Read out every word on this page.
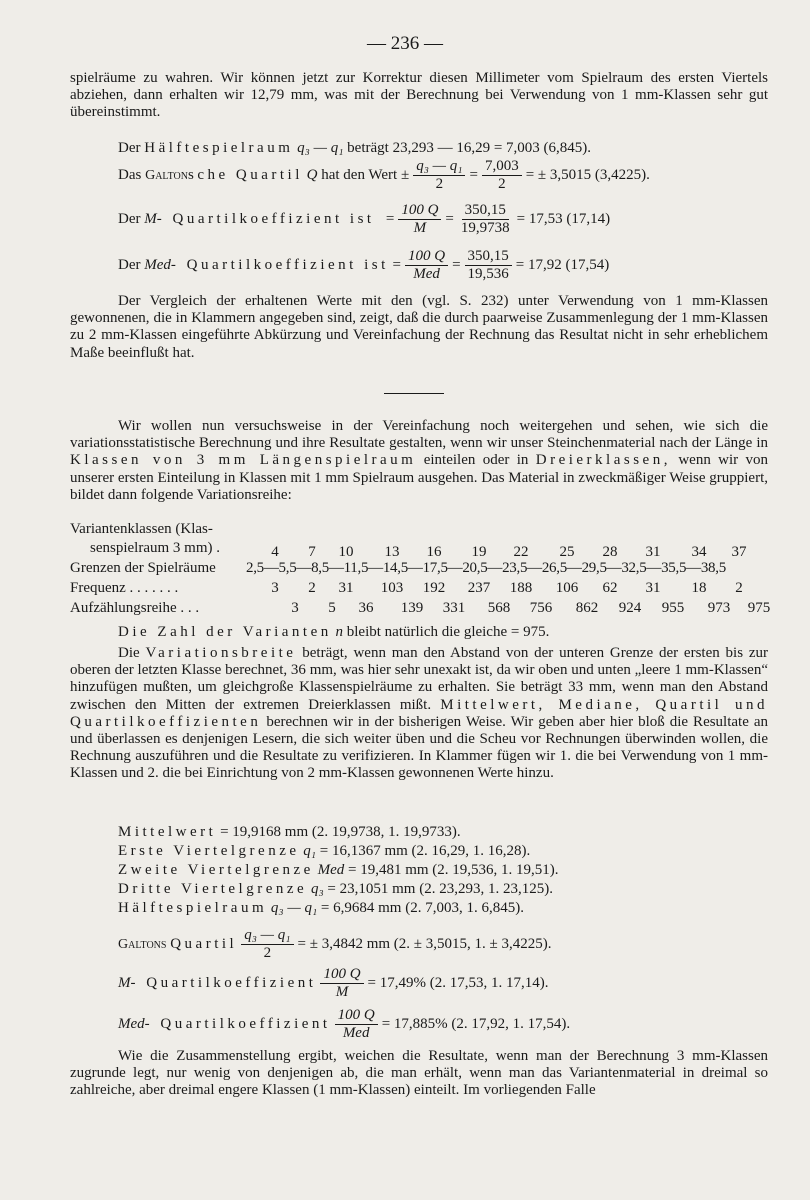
— 236 —

spielräume zu wahren. Wir können jetzt zur Korrektur diesen Millimeter vom Spielraum des ersten Viertels abziehen, dann erhalten wir 12,79 mm, was mit der Berechnung bei Verwendung von 1 mm-Klassen sehr gut übereinstimmt.

Der Hälftespielraum q₃ — q₁ beträgt 23,293 — 16,29 = 7,003 (6,845).
Das
Galton sche Quartil
Q
hat den Wert ± $\frac{\text{q₃ — q₁}}{2} = \frac{7,003}{2}$ = ± 3,5015 (3,4225).
Der
M - Quartilkoeffizient ist
= $\frac{100 Q}{M} = \frac{350,15}{19,9738} = 17,53$ (17,14)
Der
Med - Quartilkoeffizient ist
= $\frac{100 Q}{\text{Med}} = \frac{350,15}{19,536} = 17,92$ (17,54)

Der Vergleich der erhaltenen Werte mit den (vgl. S. 232) unter Verwendung von 1 mm-Klassen gewonnenen, die in Klammern angegeben sind, zeigt, daß die durch paarweise Zusammenlegung der 1 mm-Klassen zu 2 mm-Klassen eingeführte Abkürzung und Vereinfachung der Rechnung das Resultat nicht in sehr erheblichem Maße beeinflußt hat.

Wir wollen nun versuchsweise in der Vereinfachung noch weitergehen und sehen, wie sich die variationsstatistische Berechnung und ihre Resultate gestalten, wenn wir unser Steinchenmaterial nach der Länge in Klassen von 3 mm Längenspielraum einteilen oder in Dreierklassen, wenn wir von unserer ersten Einteilung in Klassen mit 1 mm Spielraum ausgehen. Das Material in zweckmäßiger Weise gruppiert, bildet dann folgende Variationsreihe:

Variantenklassen (Klas-
senspielraum 3 mm) .	4	7	10	13	16	19	22	25	28	31	34	37
Grenzen der Spielräume 2,5—5,5—8,5—11,5—14,5—17,5—20,5—23,5—26,5—29,5—32,5—35,5—38,5
Frequenz . . . . . . .	3	2	31	103 192 237 188 106	62	31	18	2
Aufzählungsreihe . . .	3	5	36	139 331 568 756 862 924 955 973 975
Die Zahl der Varianten n bleibt natürlich die gleiche = 975.

Die Variationsbreite beträgt, wenn man den Abstand von der unteren Grenze der ersten bis zur oberen der letzten Klasse berechnet, 36 mm, was hier sehr unexakt ist, da wir oben und unten „leere 1 mm-Klassen“ hinzufügen mußten, um gleichgroße Klassenspielräume zu erhalten. Sie beträgt 33 mm, wenn man den Abstand zwischen den Mitten der extremen Dreierklassen mißt. Mittelwert, Mediane, Quartil und Quartilkoeffizienten berechnen wir in der bisherigen Weise. Wir geben aber hier bloß die Resultate an und überlassen es denjenigen Lesern, die sich weiter üben und die Scheu vor Rechnungen überwinden wollen, die Rechnung auszuführen und die Resultate zu verifizieren. In Klammer fügen wir 1. die bei Verwendung von 1 mm-Klassen und 2. die bei Einrichtung von 2 mm-Klassen gewonnenen Werte hinzu.

Mittelwert = 19,9168 mm (2. 19,9738, 1. 19,9733).
Erste Viertelgrenze q₁ = 16,1367 mm (2. 16,29, 1. 16,28).
Zweite Viertelgrenze Med = 19,481 mm (2. 19,536, 1. 19,51).
Dritte Viertelgrenze q₃ = 23,1051 mm (2. 23,293, 1. 23,125).
Hälftespielraum q₃ — q₁ = 6,9684 mm (2. 7,003, 1. 6,845).
Galtons
Quartil $\frac{\text{q₃ — q₁}}{2}$ = ± 3,4842 mm (2. ± 3,5015, 1. ± 3,4225).
M - Quartilkoeffizient $\frac{100 Q}{M} = 17,49\%$ (2. 17,53, 1. 17,14).
Med - Quartilkoeffizient $\frac{100 Q}{\text{Med}} = 17,885\%$ (2. 17,92, 1. 17,54).

Wie die Zusammenstellung ergibt, weichen die Resultate, wenn man der Berechnung 3 mm-Klassen zugrunde legt, nur wenig von denjenigen ab, die man erhält, wenn man das Variantenmaterial in dreimal so zahlreiche, aber dreimal engere Klassen (1 mm-Klassen) einteilt. Im vorliegenden Falle
